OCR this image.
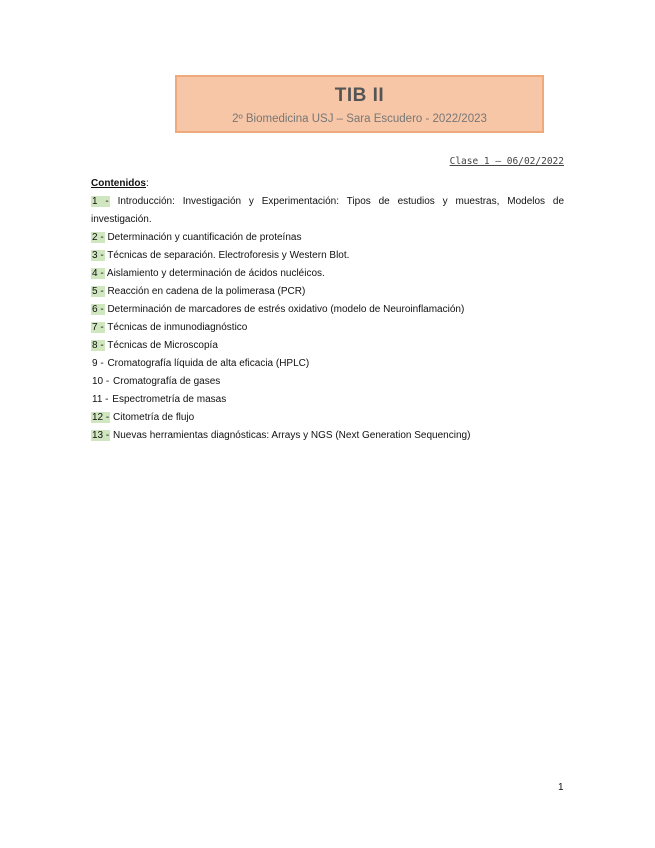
TIB II
2º Biomedicina USJ – Sara Escudero - 2022/2023
Clase 1 – 06/02/2022
Contenidos:
1 - Introducción: Investigación y Experimentación: Tipos de estudios y muestras, Modelos de investigación.
2 - Determinación y cuantificación de proteínas
3 - Técnicas de separación. Electroforesis y Western Blot.
4 - Aislamiento y determinación de ácidos nucléicos.
5 - Reacción en cadena de la polimerasa (PCR)
6 - Determinación de marcadores de estrés oxidativo (modelo de Neuroinflamación)
7 - Técnicas de inmunodiagnóstico
8 - Técnicas de Microscopía
9 - Cromatografía líquida de alta eficacia (HPLC)
10 - Cromatografía de gases
11 - Espectrometría de masas
12 - Citometría de flujo
13 - Nuevas herramientas diagnósticas: Arrays y NGS (Next Generation Sequencing)
1
